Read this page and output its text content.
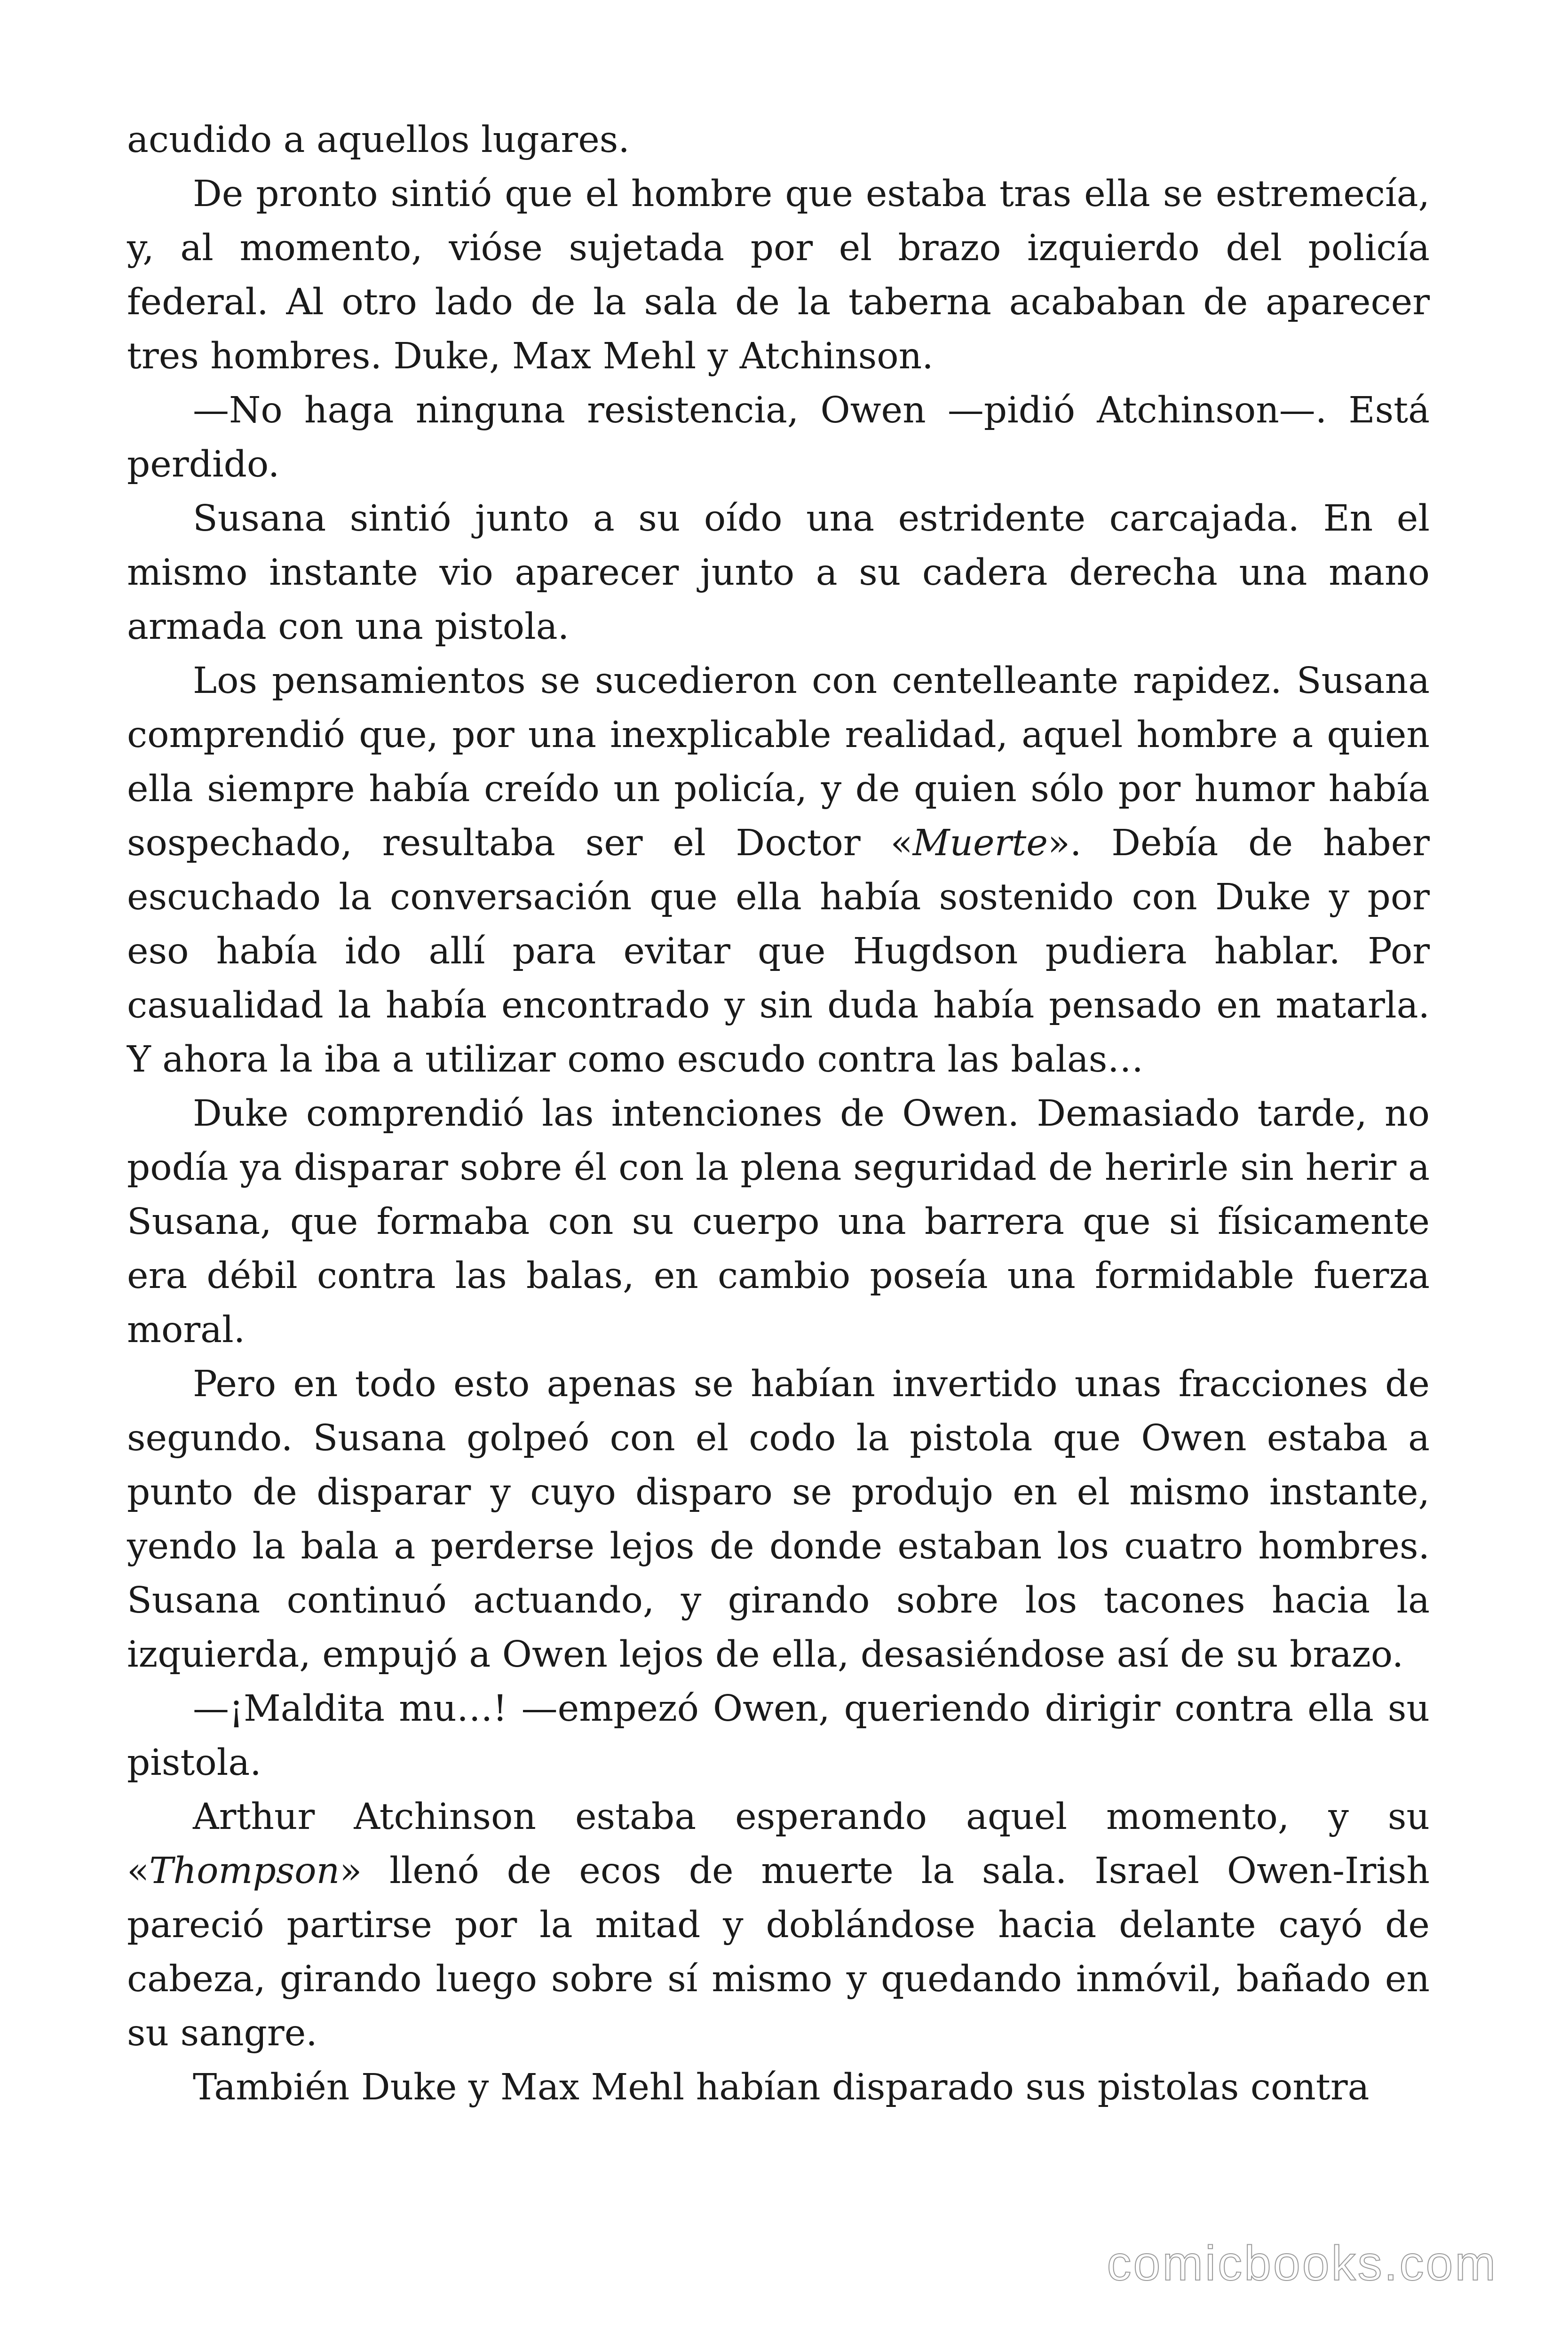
acudido a aquellos lugares.

De pronto sintió que el hombre que estaba tras ella se estremecía, y, al momento, vióse sujetada por el brazo izquierdo del policía federal. Al otro lado de la sala de la taberna acababan de aparecer tres hombres. Duke, Max Mehl y Atchinson.

—No haga ninguna resistencia, Owen —pidió Atchinson—. Está perdido.

Susana sintió junto a su oído una estridente carcajada. En el mismo instante vio aparecer junto a su cadera derecha una mano armada con una pistola.

Los pensamientos se sucedieron con centelleante rapidez. Susana comprendió que, por una inexplicable realidad, aquel hombre a quien ella siempre había creído un policía, y de quien sólo por humor había sospechado, resultaba ser el Doctor «Muerte». Debía de haber escuchado la conversación que ella había sostenido con Duke y por eso había ido allí para evitar que Hugdson pudiera hablar. Por casualidad la había encontrado y sin duda había pensado en matarla. Y ahora la iba a utilizar como escudo contra las balas…

Duke comprendió las intenciones de Owen. Demasiado tarde, no podía ya disparar sobre él con la plena seguridad de herirle sin herir a Susana, que formaba con su cuerpo una barrera que si físicamente era débil contra las balas, en cambio poseía una formidable fuerza moral.

Pero en todo esto apenas se habían invertido unas fracciones de segundo. Susana golpeó con el codo la pistola que Owen estaba a punto de disparar y cuyo disparo se produjo en el mismo instante, yendo la bala a perderse lejos de donde estaban los cuatro hombres. Susana continuó actuando, y girando sobre los tacones hacia la izquierda, empujó a Owen lejos de ella, desasiéndose así de su brazo.

—¡Maldita mu…! —empezó Owen, queriendo dirigir contra ella su pistola.

Arthur Atchinson estaba esperando aquel momento, y su «Thompson» llenó de ecos de muerte la sala. Israel Owen-Irish pareció partirse por la mitad y doblándose hacia delante cayó de cabeza, girando luego sobre sí mismo y quedando inmóvil, bañado en su sangre.

También Duke y Max Mehl habían disparado sus pistolas contra

comicbooks.com
